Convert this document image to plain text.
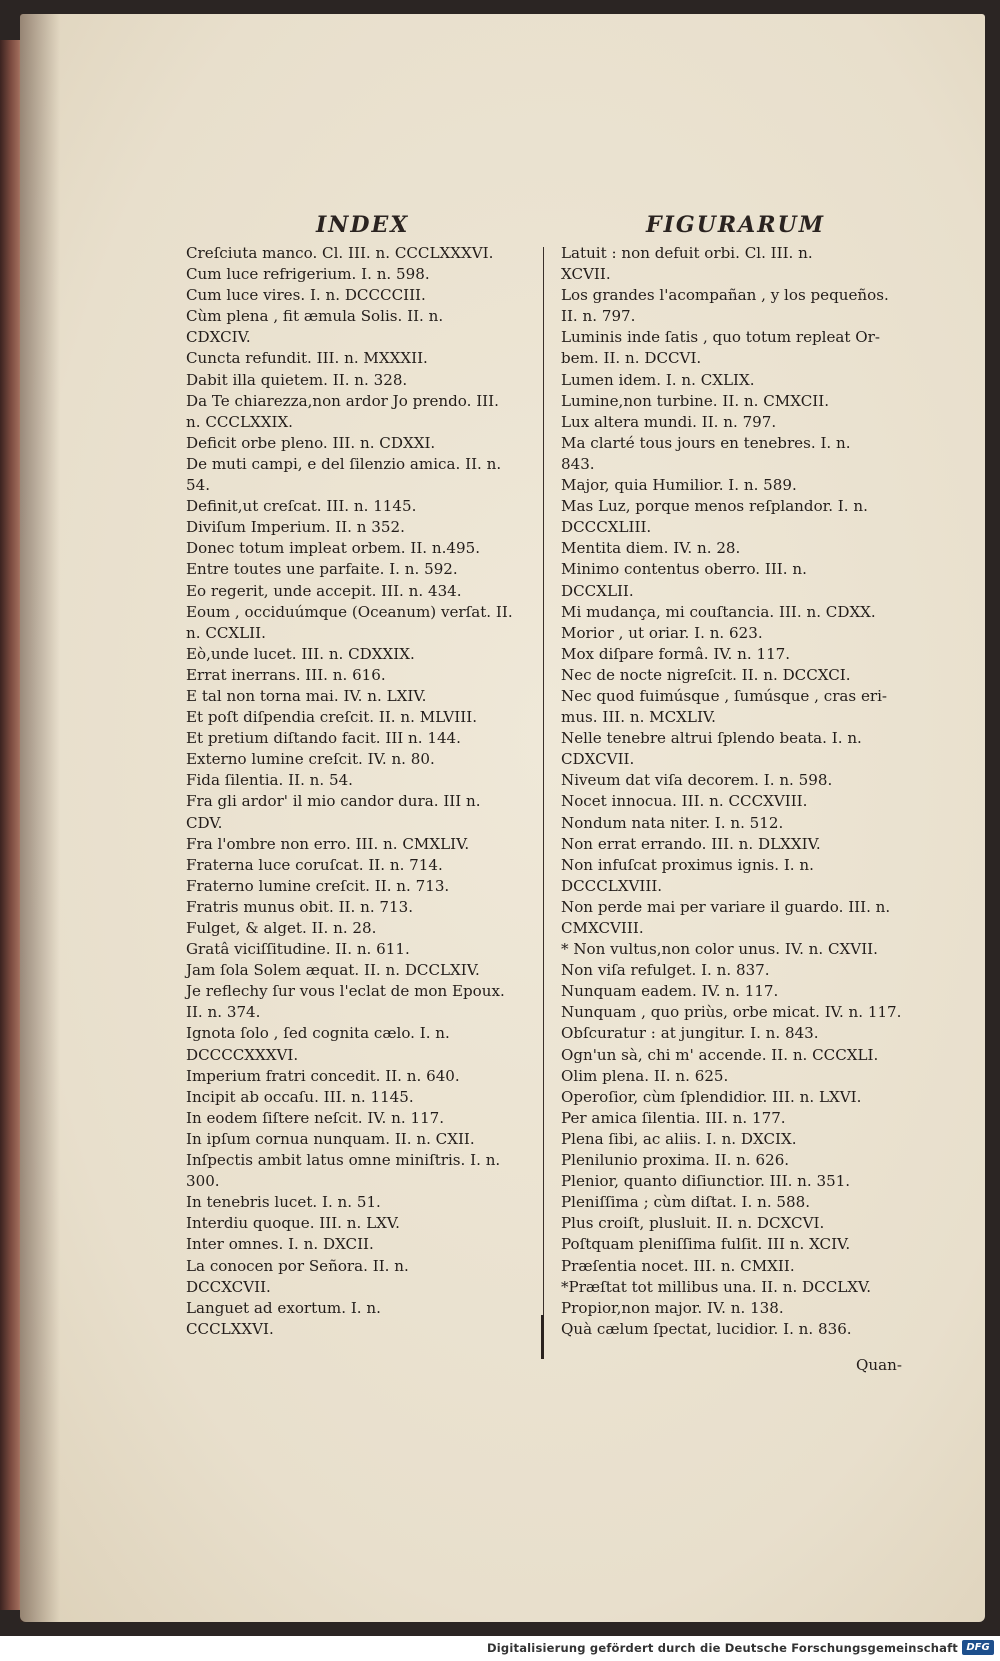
INDEX	FIGURARUM
Creſciuta manco. Cl. III. n. CCCLXXXVI.
Cum luce refrigerium. I. n. 598.
Cum luce vires. I. n. DCCCCIII.
Cùm plena , fit æmula Solis. II. n.
CDXCIV.
Cuncta refundit. III. n. MXXXII.
Dabit illa quietem. II. n. 328.
Da Te chiarezza,non ardor Jo prendo. III.
n. CCCLXXIX.
Deficit orbe pleno. III. n. CDXXI.
De muti campi, e del ſilenzio amica. II. n.
54.
Definit,ut creſcat. III. n. 1145.
Diviſum Imperium. II. n 352.
Donec totum impleat orbem. II. n.495.
Entre toutes une parfaite. I. n. 592.
Eo regerit, unde accepit. III. n. 434.
Eoum , occiduúmque (Oceanum) verſat. II.
n. CCXLII.
Eò,unde lucet. III. n. CDXXIX.
Errat inerrans. III. n. 616.
E tal non torna mai. IV. n. LXIV.
Et poſt diſpendia creſcit. II. n. MLVIII.
Et pretium diſtando facit. III n. 144.
Externo lumine creſcit. IV. n. 80.
Fida ſilentia. II. n. 54.
Fra gli ardor' il mio candor dura. III n.
CDV.
Fra l'ombre non erro. III. n. CMXLIV.
Fraterna luce coruſcat. II. n. 714.
Fraterno lumine creſcit. II. n. 713.
Fratris munus obit. II. n. 713.
Fulget, & alget. II. n. 28.
Gratâ viciſſitudine. II. n. 611.
Jam ſola Solem æquat. II. n. DCCLXIV.
Je reflechy ſur vous l'eclat de mon Epoux.
II. n. 374.
Ignota ſolo , ſed cognita cælo. I. n.
DCCCCXXXVI.
Imperium fratri concedit. II. n. 640.
Incipit ab occaſu. III. n. 1145.
In eodem ſiſtere neſcit. IV. n. 117.
In ipſum cornua nunquam. II. n. CXII.
Inſpectis ambit latus omne miniſtris. I. n.
300.
In tenebris lucet. I. n. 51.
Interdiu quoque. III. n. LXV.
Inter omnes. I. n. DXCII.
La conocen por Señora. II. n.
DCCXCVII.
Languet ad exortum. I. n.
CCCLXXVI.
Latuit : non defuit orbi. Cl. III. n.
XCVII.
Los grandes l'acompañan , y los pequeños.
II. n. 797.
Luminis inde ſatis , quo totum repleat Or-
bem. II. n. DCCVI.
Lumen idem. I. n. CXLIX.
Lumine,non turbine. II. n. CMXCII.
Lux altera mundi. II. n. 797.
Ma clarté tous jours en tenebres. I. n.
843.
Major, quia Humilior. I. n. 589.
Mas Luz, porque menos reſplandor. I. n.
DCCCXLIII.
Mentita diem. IV. n. 28.
Minimo contentus oberro. III. n.
DCCXLII.
Mi mudança, mi couſtancia. III. n. CDXX.
Morior , ut oriar. I. n. 623.
Mox diſpare formâ. IV. n. 117.
Nec de nocte nigreſcit. II. n. DCCXCI.
Nec quod fuimúsque , ſumúsque , cras eri-
mus. III. n. MCXLIV.
Nelle tenebre altrui ſplendo beata. I. n.
CDXCVII.
Niveum dat viſa decorem. I. n. 598.
Nocet innocua. III. n. CCCXVIII.
Nondum nata niter. I. n. 512.
Non errat errando. III. n. DLXXIV.
Non infuſcat proximus ignis. I. n.
DCCCLXVIII.
Non perde mai per variare il guardo. III. n.
CMXCVIII.
* Non vultus,non color unus. IV. n. CXVII.
Non viſa refulget. I. n. 837.
Nunquam eadem. IV. n. 117.
Nunquam , quo priùs, orbe micat. IV. n. 117.
Obſcuratur : at jungitur. I. n. 843.
Ogn'un sà, chi m' accende. II. n. CCCXLI.
Olim plena. II. n. 625.
Operoſior, cùm ſplendidior. III. n. LXVI.
Per amica ſilentia. III. n. 177.
Plena ſibi, ac aliis. I. n. DXCIX.
Plenilunio proxima. II. n. 626.
Plenior, quanto diſiunctior. III. n. 351.
Pleniſſima ; cùm diſtat. I. n. 588.
Plus croiſt, plusluit. II. n. DCXCVI.
Poſtquam pleniſſima fulſit. III n. XCIV.
Præſentia nocet. III. n. CMXII.
*Præſtat tot millibus una. II. n. DCCLXV.
Propior,non major. IV. n. 138.
Quà cælum ſpectat, lucidior. I. n. 836.

Quan-

Digitalisierung gefördert durch die Deutsche Forschungsgemeinschaft DFG
